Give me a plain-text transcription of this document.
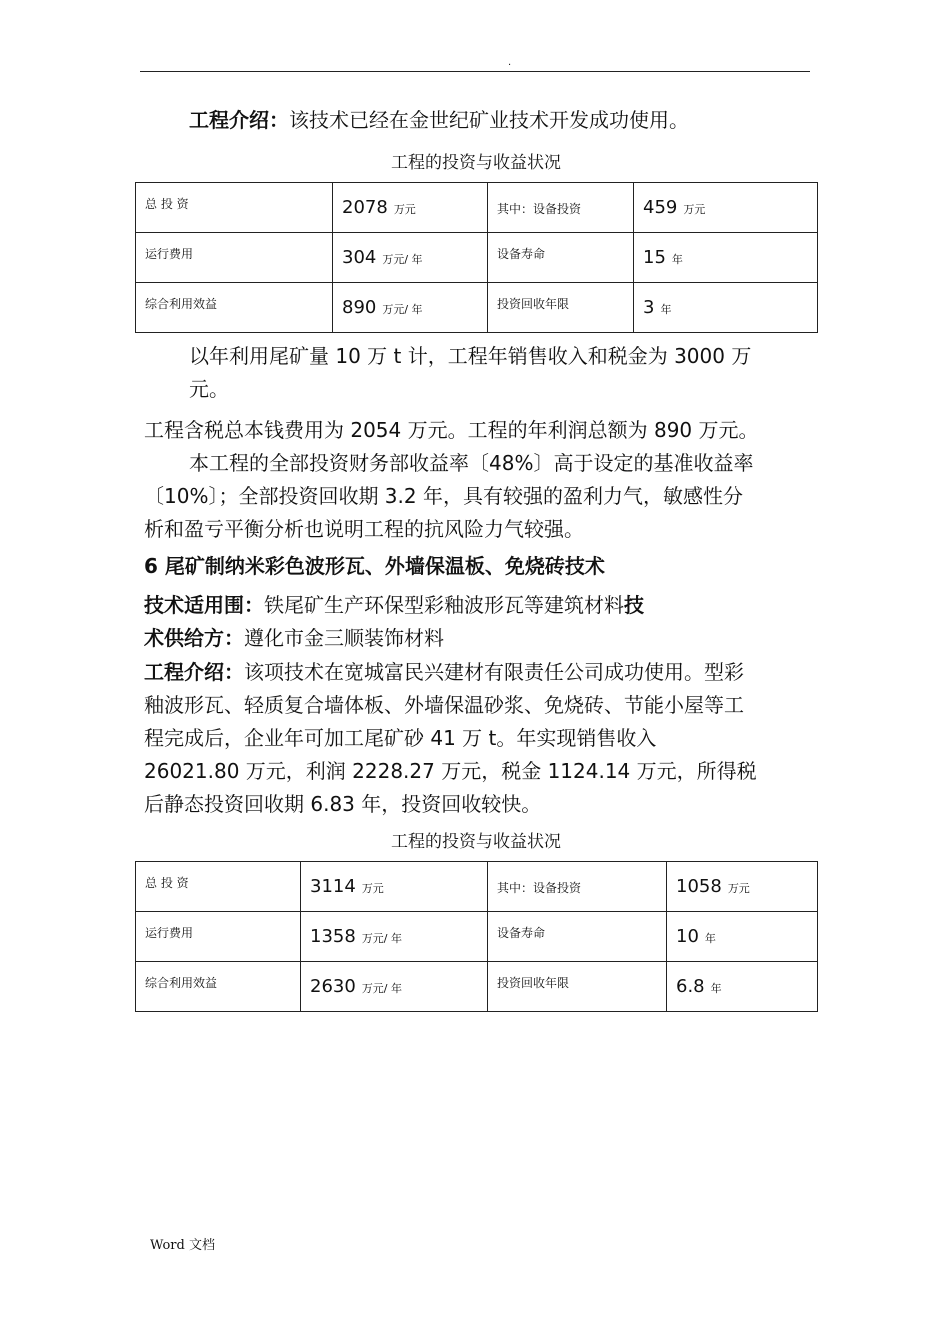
.

工程介绍：该技术已经在金世纪矿业技术开发成功使用。

工程的投资与收益状况
$^{总 投 资}$	2078 万元	其中：设备投资	459 万元
$^{运行费用}$	304 万元/ 年	$^{设备寿命}$	15 年
$^{综合利用效益}$	890 万元/ 年	$^{投资回收年限}$	3 年

以年利用尾矿量 10 万 t 计，工程年销售收入和税金为 3000 万

元。

工程含税总本钱费用为 2054 万元。工程的年利润总额为 890 万元。

本工程的全部投资财务部收益率〔48%〕高于设定的基准收益率

〔10%〕；全部投资回收期 3.2 年，具有较强的盈利力气，敏感性分

析和盈亏平衡分析也说明工程的抗风险力气较强。

6 尾矿制纳米彩色波形瓦、外墙保温板、免烧砖技术

技术适用围：铁尾矿生产环保型彩釉波形瓦等建筑材料技

术供给方：遵化市金三顺装饰材料

工程介绍：该项技术在宽城富民兴建材有限责任公司成功使用。型彩

釉波形瓦、轻质复合墙体板、外墙保温砂浆、免烧砖、节能小屋等工

程完成后，企业年可加工尾矿砂 41 万 t。年实现销售收入

26021.80 万元，利润 2228.27 万元，税金 1124.14 万元，所得税

后静态投资回收期 6.83 年，投资回收较快。

工程的投资与收益状况
$^{总 投 资}$	3114 万元	其中：设备投资	1058 万元
$^{运行费用}$	1358 万元/ 年	$^{设备寿命}$	10 年
$^{综合利用效益}$	2630 万元/ 年	$^{投资回收年限}$	6.8 年
Word 文档
